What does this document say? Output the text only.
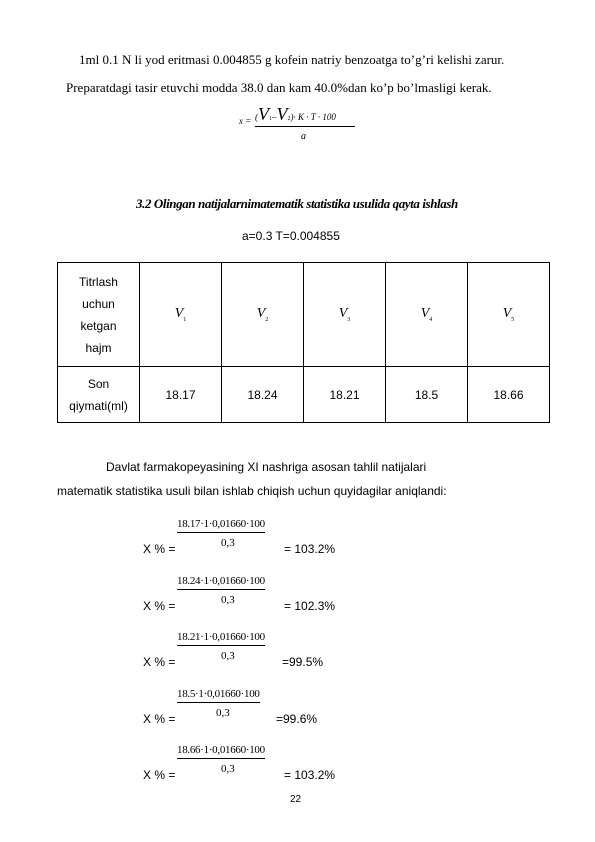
1ml 0.1 N li yod eritmasi 0.004855 g kofein natriy benzoatga to’g’ri kelishi zarur.
Preparatdagi tasir etuvchi modda 38.0 dan kam 40.0%dan ko’p bo’lmasligi kerak.
x = (V1–V2)· K · T · 100
a
3.2 Olingan natijalarnimatematik statistika usulida qayta ishlash
a=0.3 T=0.004855
Titrlash
uchun
ketgan
hajm	$V_1$	$V_2$	$V_3$	$V_4$	$V_5$

Son
qiymati(ml)	18.17	18.24	18.21	18.5	18.66
Davlat farmakopeyasining XI nashriga asosan tahlil natijalari
matematik statistika usuli bilan ishlab chiqish uchun quyidagilar aniqlandi:
X % =
18.17·1·0,01660·100
0,3	= 103.2%
X % =
18.24·1·0,01660·100
0,3	= 102.3%
X % =
18.21·1·0,01660·100
0,3	=99.5%
X % =
18.5·1·0,01660·100
0,3	=99.6%
X % =
18.66·1·0,01660·100
0,3	= 103.2%
22
